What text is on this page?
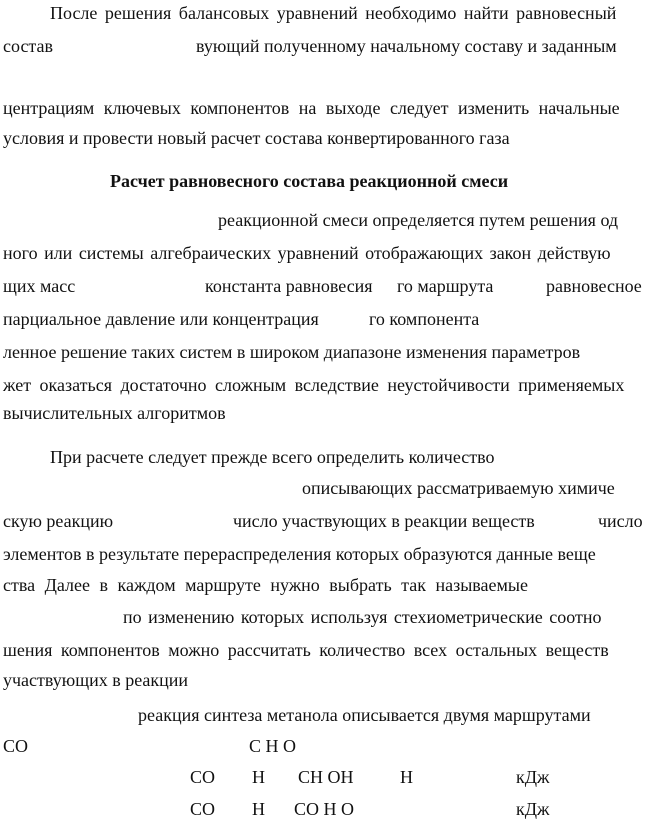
После решения балансовых уравнений необходимо найти равновесный
состав	вующий полученному начальному составу и заданным
центрациям ключевых компонентов на выходе следует изменить начальные
условия и провести новый расчет состава конвертированного газа
Расчет равновесного состава реакционной смеси
реакционной смеси определяется путем решения од
ного или системы алгебраических уравнений отображающих закон действую
щих масс	константа равновесия го маршрута	равновесное
парциальное давление или концентрация	го компонента
ленное решение таких систем в широком диапазоне изменения параметров
жет оказаться достаточно сложным вследствие неустойчивости применяемых
вычислительных алгоритмов
При расчете следует прежде всего определить количество
описывающих рассматриваемую химиче
скую реакцию	число участвующих в реакции веществ	число
элементов в результате перераспределения которых образуются данные веще
ства Далее в каждом маршруте нужно выбрать так называемые
по изменению которых используя стехиометрические соотно
шения компонентов можно рассчитать количество всех остальных веществ
участвующих в реакции
реакция синтеза метанола описывается двумя маршрутами
CO	C H O
CO H CH OH	H	кДж
CO H CO H O	кДж
